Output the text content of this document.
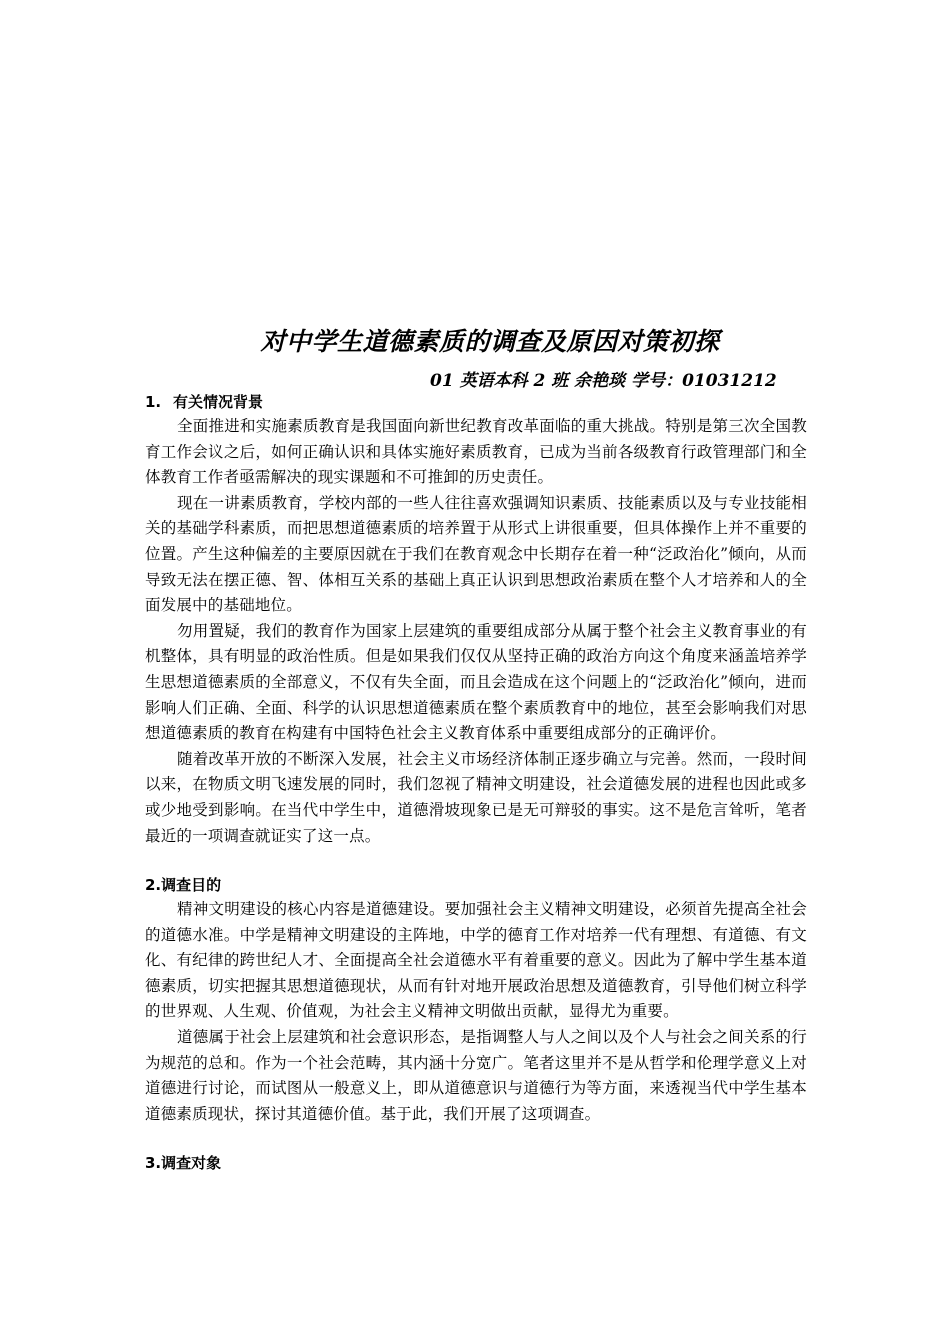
对中学生道德素质的调查及原因对策初探
01 英语本科 2 班 余艳琰 学号：01031212
1. 有关情况背景

全面推进和实施素质教育是我国面向新世纪教育改革面临的重大挑战。特别是第三次全国教育工作会议之后，如何正确认识和具体实施好素质教育，已成为当前各级教育行政管理部门和全体教育工作者亟需解决的现实课题和不可推卸的历史责任。

现在一讲素质教育，学校内部的一些人往往喜欢强调知识素质、技能素质以及与专业技能相关的基础学科素质，而把思想道德素质的培养置于从形式上讲很重要，但具体操作上并不重要的位置。产生这种偏差的主要原因就在于我们在教育观念中长期存在着一种“泛政治化”倾向，从而导致无法在摆正德、智、体相互关系的基础上真正认识到思想政治素质在整个人才培养和人的全面发展中的基础地位。

勿用置疑，我们的教育作为国家上层建筑的重要组成部分从属于整个社会主义教育事业的有机整体，具有明显的政治性质。但是如果我们仅仅从坚持正确的政治方向这个角度来涵盖培养学生思想道德素质的全部意义，不仅有失全面，而且会造成在这个问题上的“泛政治化”倾向，进而影响人们正确、全面、科学的认识思想道德素质在整个素质教育中的地位，甚至会影响我们对思想道德素质的教育在构建有中国特色社会主义教育体系中重要组成部分的正确评价。

随着改革开放的不断深入发展，社会主义市场经济体制正逐步确立与完善。然而，一段时间以来，在物质文明飞速发展的同时，我们忽视了精神文明建设，社会道德发展的进程也因此或多或少地受到影响。在当代中学生中，道德滑坡现象已是无可辩驳的事实。这不是危言耸听，笔者最近的一项调查就证实了这一点。

2.调查目的

精神文明建设的核心内容是道德建设。要加强社会主义精神文明建设，必须首先提高全社会的道德水准。中学是精神文明建设的主阵地，中学的德育工作对培养一代有理想、有道德、有文化、有纪律的跨世纪人才、全面提高全社会道德水平有着重要的意义。因此为了解中学生基本道德素质，切实把握其思想道德现状，从而有针对地开展政治思想及道德教育，引导他们树立科学的世界观、人生观、价值观，为社会主义精神文明做出贡献，显得尤为重要。

道德属于社会上层建筑和社会意识形态，是指调整人与人之间以及个人与社会之间关系的行为规范的总和。作为一个社会范畴，其内涵十分宽广。笔者这里并不是从哲学和伦理学意义上对道德进行讨论，而试图从一般意义上，即从道德意识与道德行为等方面，来透视当代中学生基本道德素质现状，探讨其道德价值。基于此，我们开展了这项调查。

3.调查对象
